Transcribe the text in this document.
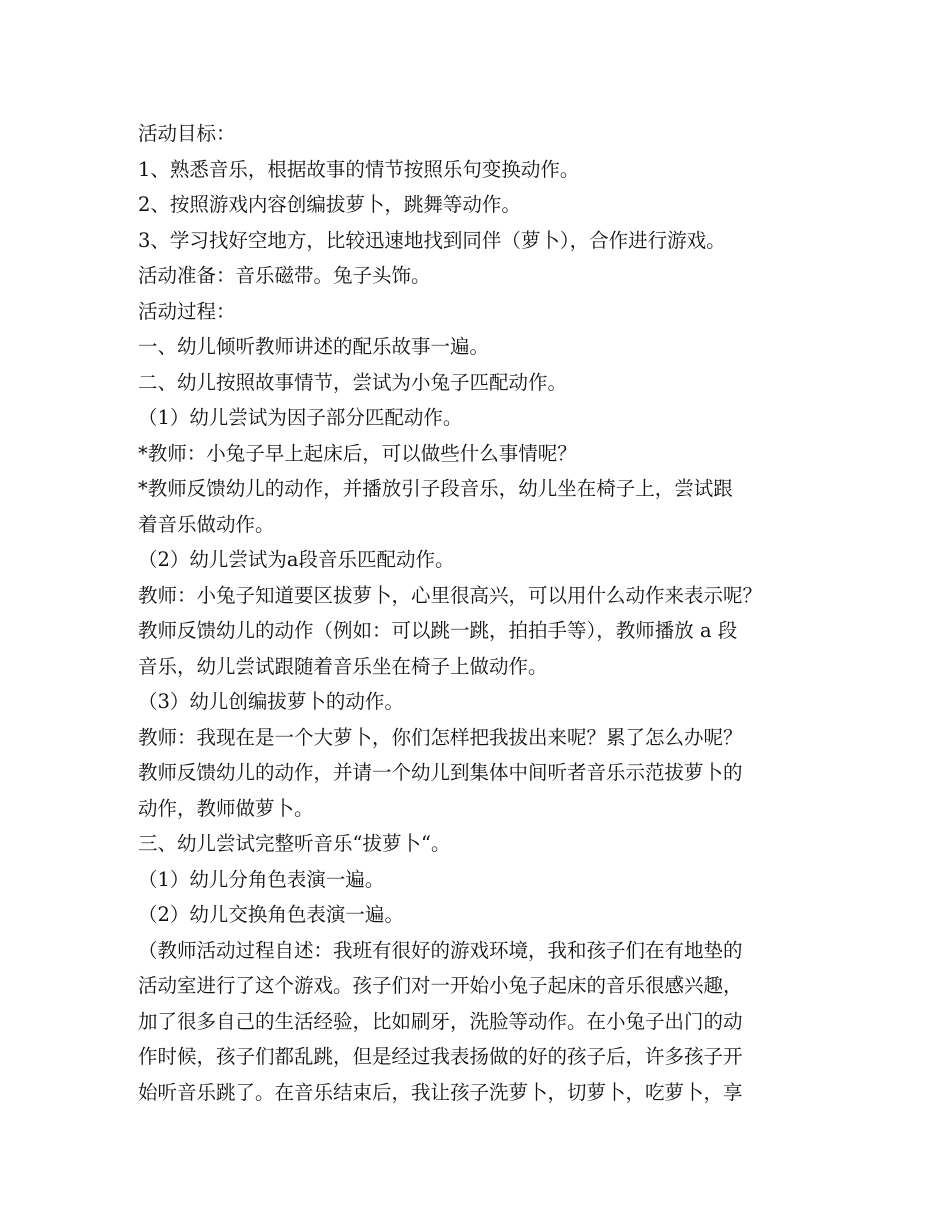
活动目标：
1、熟悉音乐，根据故事的情节按照乐句变换动作。
2、按照游戏内容创编拔萝卜，跳舞等动作。
3、学习找好空地方，比较迅速地找到同伴（萝卜），合作进行游戏。
活动准备：音乐磁带。兔子头饰。
活动过程：
一、幼儿倾听教师讲述的配乐故事一遍。
二、幼儿按照故事情节，尝试为小兔子匹配动作。
（1）幼儿尝试为因子部分匹配动作。
*教师：小兔子早上起床后，可以做些什么事情呢？
*教师反馈幼儿的动作，并播放引子段音乐，幼儿坐在椅子上，尝试跟
着音乐做动作。
（2）幼儿尝试为a段音乐匹配动作。
教师：小兔子知道要区拔萝卜，心里很高兴，可以用什么动作来表示呢？
教师反馈幼儿的动作（例如：可以跳一跳，拍拍手等），教师播放 a 段
音乐，幼儿尝试跟随着音乐坐在椅子上做动作。
（3）幼儿创编拔萝卜的动作。
教师：我现在是一个大萝卜，你们怎样把我拔出来呢？累了怎么办呢？
教师反馈幼儿的动作，并请一个幼儿到集体中间听者音乐示范拔萝卜的
动作，教师做萝卜。
三、幼儿尝试完整听音乐“拔萝卜“。
（1）幼儿分角色表演一遍。
（2）幼儿交换角色表演一遍。
（教师活动过程自述：我班有很好的游戏环境，我和孩子们在有地垫的
活动室进行了这个游戏。孩子们对一开始小兔子起床的音乐很感兴趣，
加了很多自己的生活经验，比如刷牙，洗脸等动作。在小兔子出门的动
作时候，孩子们都乱跳，但是经过我表扬做的好的孩子后，许多孩子开
始听音乐跳了。在音乐结束后，我让孩子洗萝卜，切萝卜，吃萝卜，享
